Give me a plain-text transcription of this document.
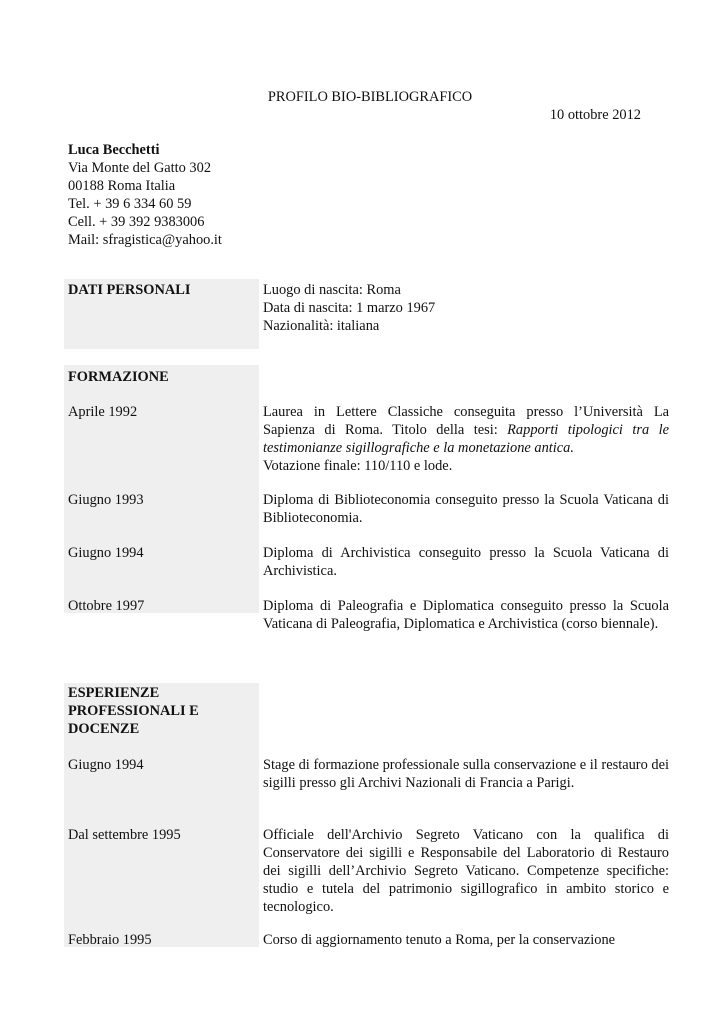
PROFILO BIO-BIBLIOGRAFICO
10 ottobre 2012
Luca Becchetti
Via Monte del Gatto 302
00188 Roma Italia
Tel. + 39 6 334 60 59
Cell. + 39 392 9383006
Mail: sfragistica@yahoo.it
DATI PERSONALI	Luogo di nascita: Roma

Data di nascita: 1 marzo 1967

Nazionalità: italiana

FORMAZIONE
Aprile 1992	Laurea in Lettere Classiche conseguita presso l’Università La Sapienza di Roma. Titolo della tesi: Rapporti tipologici tra le testimonianze sigillografiche e la monetazione antica.

Votazione finale: 110/110 e lode.

Giugno 1993	Diploma di Biblioteconomia conseguito presso la Scuola Vaticana di Biblioteconomia.
Giugno 1994	Diploma di Archivistica conseguito presso la Scuola Vaticana di Archivistica.
Ottobre 1997	Diploma di Paleografia e Diplomatica conseguito presso la Scuola Vaticana di Paleografia, Diplomatica e Archivistica (corso biennale).
ESPERIENZE
PROFESSIONALI E
DOCENZE
Giugno 1994	Stage di formazione professionale sulla conservazione e il restauro dei sigilli presso gli Archivi Nazionali di Francia a Parigi.
Dal settembre 1995	Officiale dell'Archivio Segreto Vaticano con la qualifica di Conservatore dei sigilli e Responsabile del Laboratorio di Restauro dei sigilli dell’Archivio Segreto Vaticano. Competenze specifiche: studio e tutela del patrimonio sigillografico in ambito storico e tecnologico.
Febbraio 1995	Corso di aggiornamento tenuto a Roma, per la conservazione
